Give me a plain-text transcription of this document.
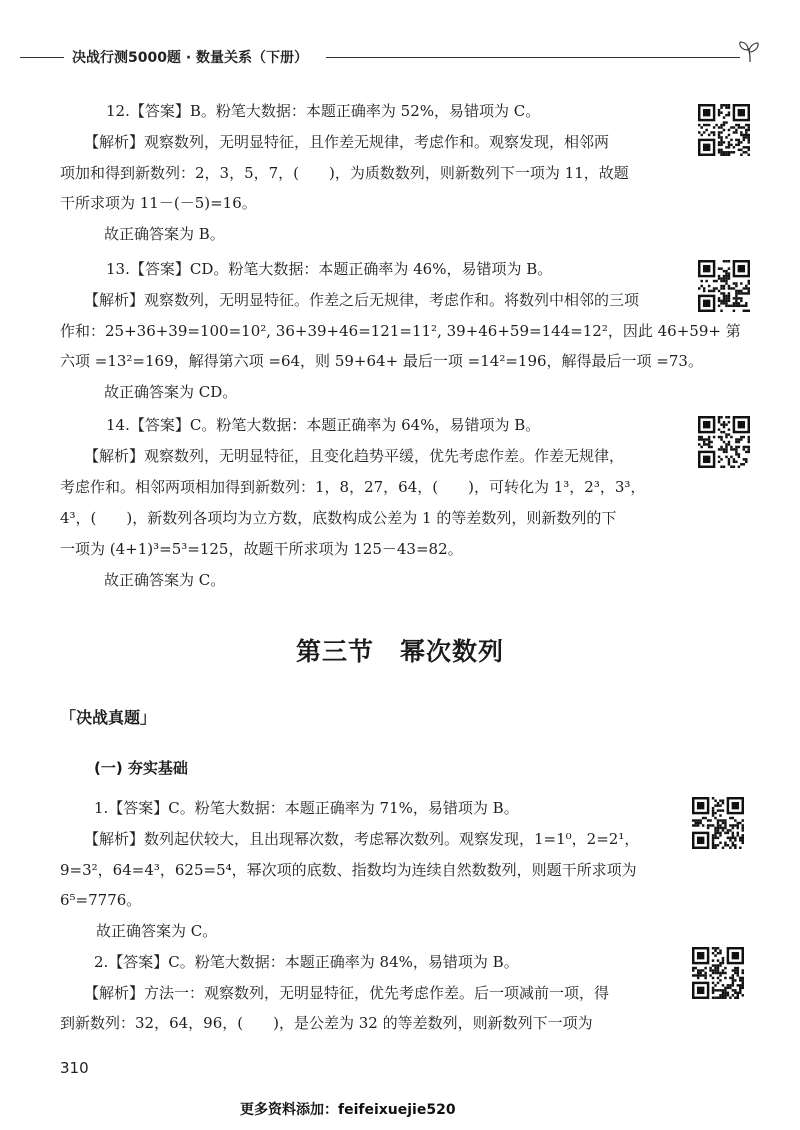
决战行测5000题 · 数量关系（下册）

12.【答案】B。粉笔大数据：本题正确率为 52%，易错项为 C。

【解析】观察数列，无明显特征，且作差无规律，考虑作和。观察发现，相邻两

项加和得到新数列：2，3，5，7，(　　)，为质数数列，则新数列下一项为 11，故题

干所求项为 11－(－5)=16。

故正确答案为 B。

13.【答案】CD。粉笔大数据：本题正确率为 46%，易错项为 B。

【解析】观察数列，无明显特征。作差之后无规律，考虑作和。将数列中相邻的三项

作和：25+36+39=100=10², 36+39+46=121=11², 39+46+59=144=12²，因此 46+59+ 第

六项 =13²=169，解得第六项 =64，则 59+64+ 最后一项 =14²=196，解得最后一项 =73。

故正确答案为 CD。

14.【答案】C。粉笔大数据：本题正确率为 64%，易错项为 B。

【解析】观察数列，无明显特征，且变化趋势平缓，优先考虑作差。作差无规律，

考虑作和。相邻两项相加得到新数列：1，8，27，64，(　　)，可转化为 1³，2³，3³，

4³，(　　)，新数列各项均为立方数，底数构成公差为 1 的等差数列，则新数列的下

一项为 (4+1)³=5³=125，故题干所求项为 125－43=82。

故正确答案为 C。

第三节 幂次数列
「决战真题」
(一) 夯实基础

1.【答案】C。粉笔大数据：本题正确率为 71%，易错项为 B。

【解析】数列起伏较大，且出现幂次数，考虑幂次数列。观察发现，1=1⁰，2=2¹，

9=3²，64=4³，625=5⁴，幂次项的底数、指数均为连续自然数数列，则题干所求项为

6⁵=7776。

故正确答案为 C。

2.【答案】C。粉笔大数据：本题正确率为 84%，易错项为 B。

【解析】方法一：观察数列，无明显特征，优先考虑作差。后一项减前一项，得

到新数列：32，64，96，(　　)，是公差为 32 的等差数列，则新数列下一项为

310

更多资料添加：feifeixuejie520
